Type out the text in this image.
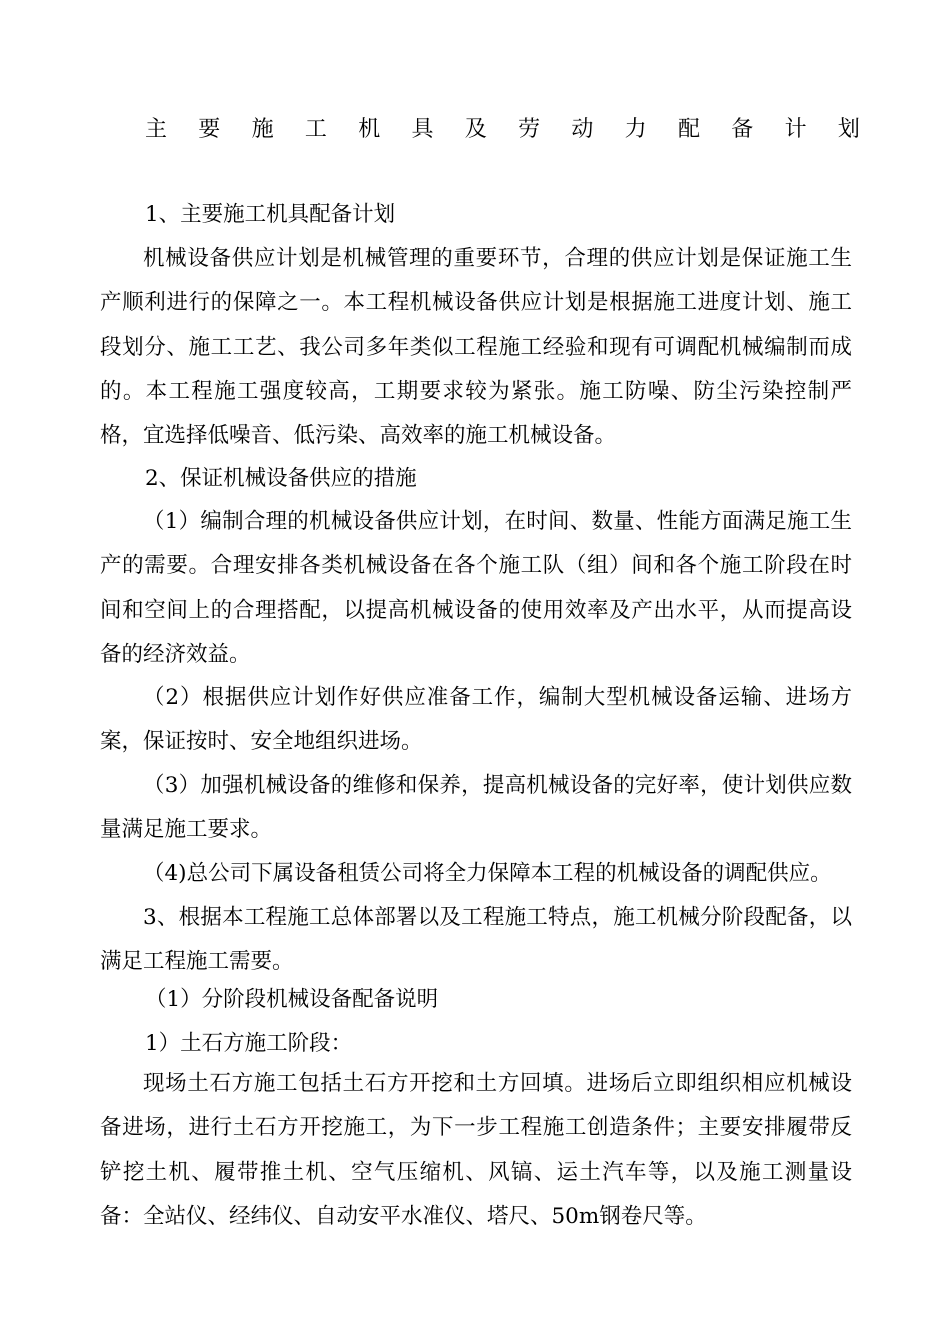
主 要 施 工 机 具 及 劳 动 力 配 备 计 划
1、主要施工机具配备计划
机械设备供应计划是机械管理的重要环节，合理的供应计划是保证施工生产顺利进行的保障之一。本工程机械设备供应计划是根据施工进度计划、施工段划分、施工工艺、我公司多年类似工程施工经验和现有可调配机械编制而成的。本工程施工强度较高，工期要求较为紧张。施工防噪、防尘污染控制严格，宜选择低噪音、低污染、高效率的施工机械设备。
2、保证机械设备供应的措施
（1）编制合理的机械设备供应计划，在时间、数量、性能方面满足施工生产的需要。合理安排各类机械设备在各个施工队（组）间和各个施工阶段在时间和空间上的合理搭配，以提高机械设备的使用效率及产出水平，从而提高设备的经济效益。
（2）根据供应计划作好供应准备工作，编制大型机械设备运输、进场方案，保证按时、安全地组织进场。
（3）加强机械设备的维修和保养，提高机械设备的完好率，使计划供应数量满足施工要求。
（4)总公司下属设备租赁公司将全力保障本工程的机械设备的调配供应。
3、根据本工程施工总体部署以及工程施工特点，施工机械分阶段配备，以满足工程施工需要。
（1）分阶段机械设备配备说明
1）土石方施工阶段：
现场土石方施工包括土石方开挖和土方回填。进场后立即组织相应机械设备进场，进行土石方开挖施工，为下一步工程施工创造条件；主要安排履带反铲挖土机、履带推土机、空气压缩机、风镐、运土汽车等，以及施工测量设备：全站仪、经纬仪、自动安平水准仪、塔尺、50m钢卷尺等。
